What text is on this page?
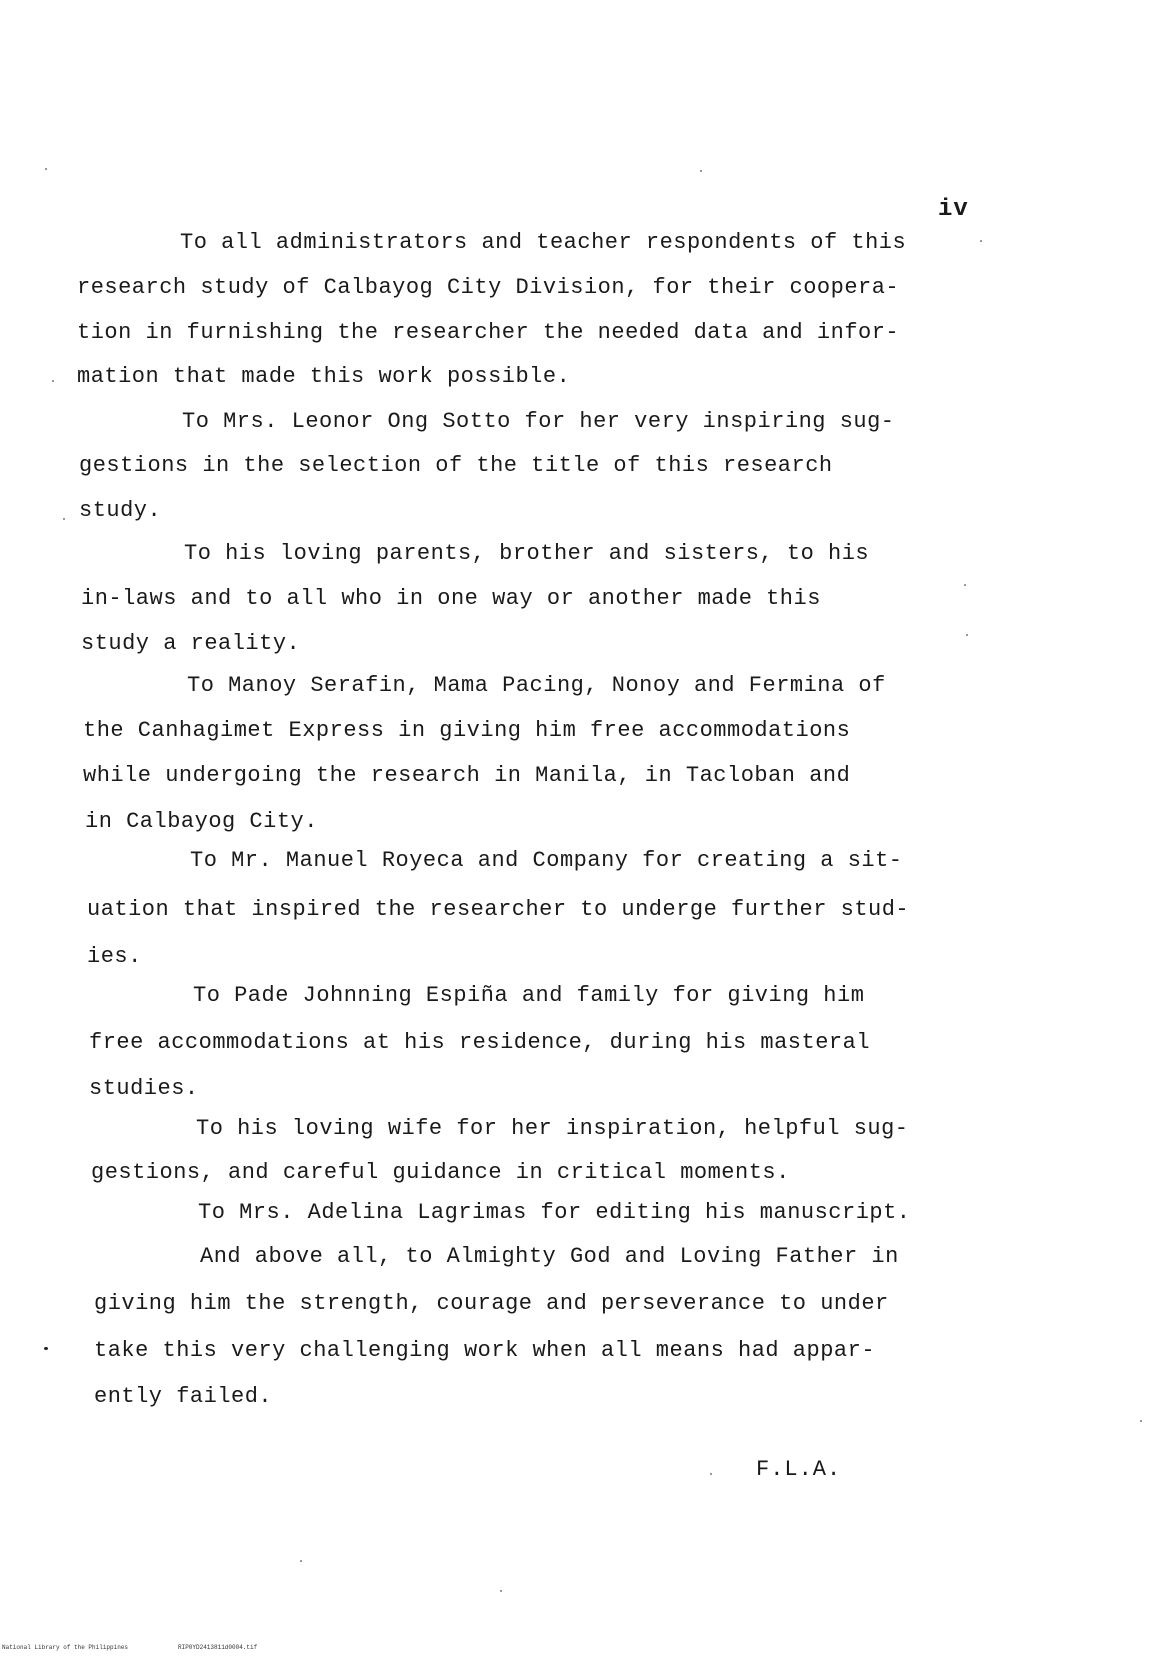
iv
To all administrators and teacher respondents of this
research study of Calbayog City Division, for their coopera-
tion in furnishing the researcher the needed data and infor-
mation that made this work possible.
To Mrs. Leonor Ong Sotto for her very inspiring sug-
gestions in the selection of the title of this research
study.
To his loving parents, brother and sisters, to his
in-laws and to all who in one way or another made this
study a reality.
To Manoy Serafin, Mama Pacing, Nonoy and Fermina of
the Canhagimet Express in giving him free accommodations
while undergoing the research in Manila, in Tacloban and
in Calbayog City.
To Mr. Manuel Royeca and Company for creating a sit-
uation that inspired the researcher to underge further stud-
ies.
To Pade Johnning Espiña and family for giving him
free accommodations at his residence, during his masteral
studies.
To his loving wife for her inspiration, helpful sug-
gestions, and careful guidance in critical moments.
To Mrs. Adelina Lagrimas for editing his manuscript.
And above all, to Almighty God and Loving Father in
giving him the strength, courage and perseverance to under
take this very challenging work when all means had appar-
ently failed.
F.L.A.
National Library of the Philippines	RIP0YD2413811d0004.tif
